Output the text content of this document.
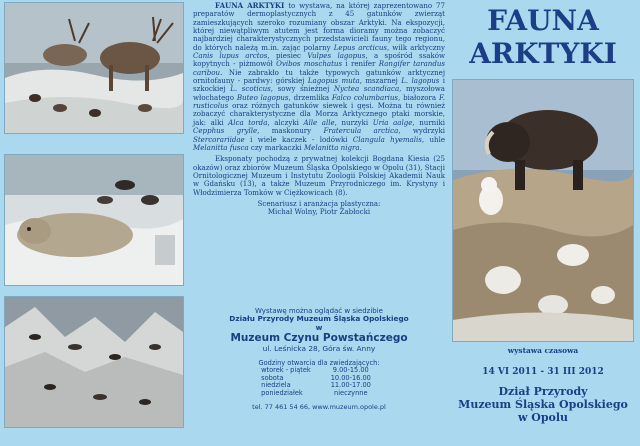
FAUNA ARKTYKI to wystawa, na której zaprezentowano 77 preparatów dermoplastycznych z 45 gatunków zwierząt zamieszkujących szeroko rozumiany obszar Arktyki. Na ekspozycji, której niewątpliwym atutem jest forma dioramy można zobaczyć najbardziej charakterystycznych przedstawicieli fauny tego regionu, do których należą m.in. zając polarny Lepus arcticus, wilk arktyczny Canis lupus arctos, piesiec Vulpes lagopus, a spośród ssaków kopytnych - piżmowół Ovibos moschatus i renifer Rangifer tarandus caribou. Nie zabrakło tu także typowych gatunków arktycznej ornitofauny - pardwy: górskiej Lagopus muta, mszarnej L. lagopus i szkockiej L. scoticus, sowy śnieżnej Nyctea scandiaca, myszołowa włochatego Buteo lagopus, drzemlika Falco columbarius, białozora F. rusticolus oraz różnych gatunków siewek i gęsi. Można tu również zobaczyć charakterystyczne dla Morza Arktycznego ptaki morskie, jak: alki Alca torda, alczyki Alle alle, nurzyki Uria aalge, nurniki Cepphus grylle, maskonury Fratercula arctica, wydrzyki Stercorariidae i wiele kaczek - lodówki Clangula hyemalis, uhle Melanitta fusca czy markaczki Melanitta nigra.

Eksponaty pochodzą z prywatnej kolekcji Bogdana Kiesia (25 okazów) oraz zbiorów Muzeum Śląska Opolskiego w Opolu (31), Stacji Ornitologicznej Muzeum i Instytutu Zoologii Polskiej Akademii Nauk w Gdańsku (13), a także Muzeum Przyrodniczego im. Krystyny i Włodzimierza Tomków w Ciężkowicach (8).

Scenariusz i aranżacja plastyczna:

Michał Wolny, Piotr Zabłocki

Wystawę można oglądać w siedzibie

Działu Przyrody Muzeum Śląska Opolskiego

w

Muzeum Czynu Powstańczego

ul. Leśnicka 28, Góra św. Anny

Godziny otwarcia dla zwiedzających:

wtorek - piątek	9.00-15.00
sobota	10.00-16.00
niedziela	11.00-17.00
poniedziałek	nieczynne

tel. 77 461 54 66, www.muzeum.opole.pl

FAUNA
ARKTYKI

wystawa czasowa

14 VI 2011 - 31 III 2012

Dział Przyrody
Muzeum Śląska Opolskiego
w Opolu
